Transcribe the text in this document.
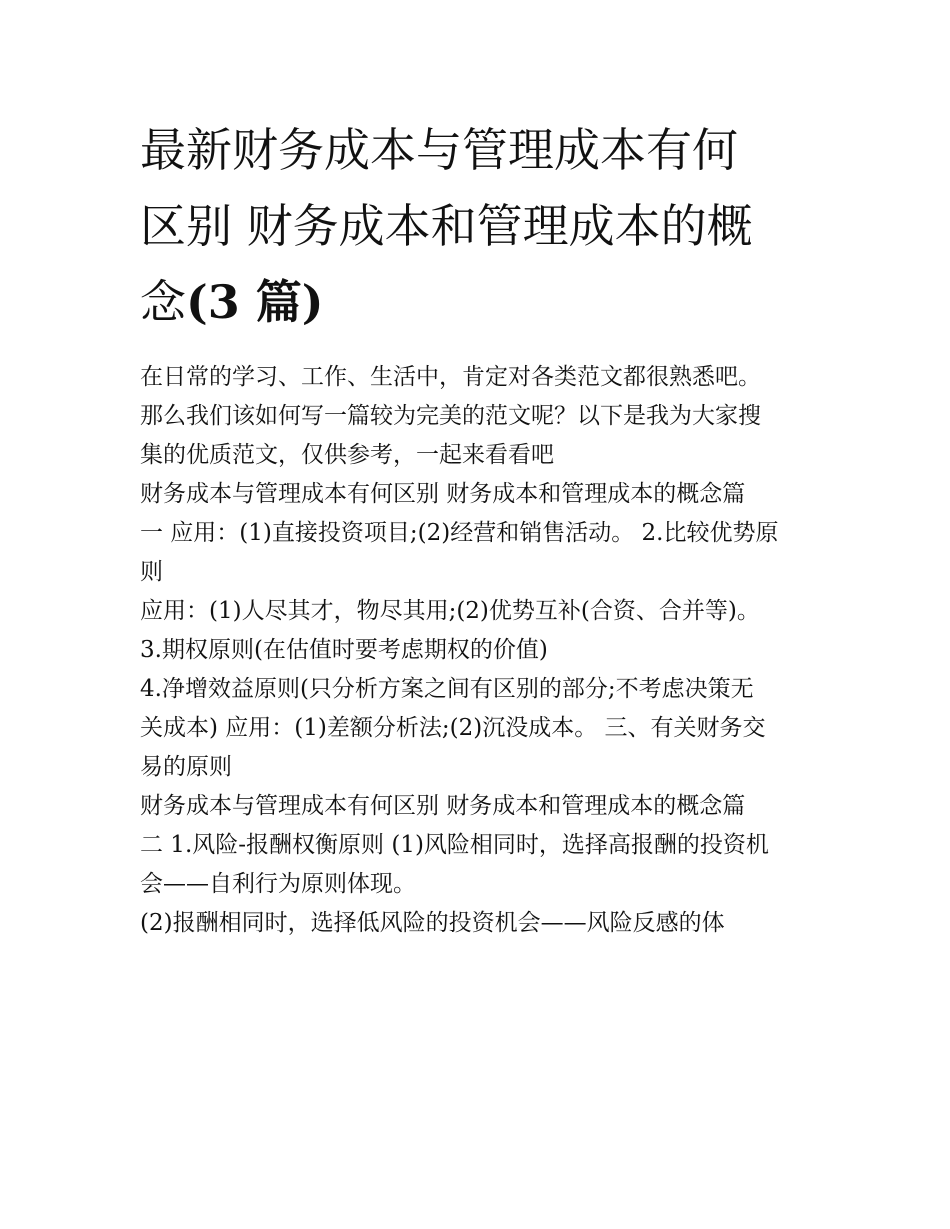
最新财务成本与管理成本有何
区别 财务成本和管理成本的概
念(3 篇)
在日常的学习、工作、生活中，肯定对各类范文都很熟悉吧。
那么我们该如何写一篇较为完美的范文呢？以下是我为大家搜
集的优质范文，仅供参考，一起来看看吧
财务成本与管理成本有何区别 财务成本和管理成本的概念篇
一 应用：(1)直接投资项目;(2)经营和销售活动。 2.比较优势原
则
应用：(1)人尽其才，物尽其用;(2)优势互补(合资、合并等)。
3.期权原则(在估值时要考虑期权的价值)
4.净增效益原则(只分析方案之间有区别的部分;不考虑决策无
关成本) 应用：(1)差额分析法;(2)沉没成本。 三、有关财务交
易的原则
财务成本与管理成本有何区别 财务成本和管理成本的概念篇
二 1.风险-报酬权衡原则 (1)风险相同时，选择高报酬的投资机
会——自利行为原则体现。
(2)报酬相同时，选择低风险的投资机会——风险反感的体
